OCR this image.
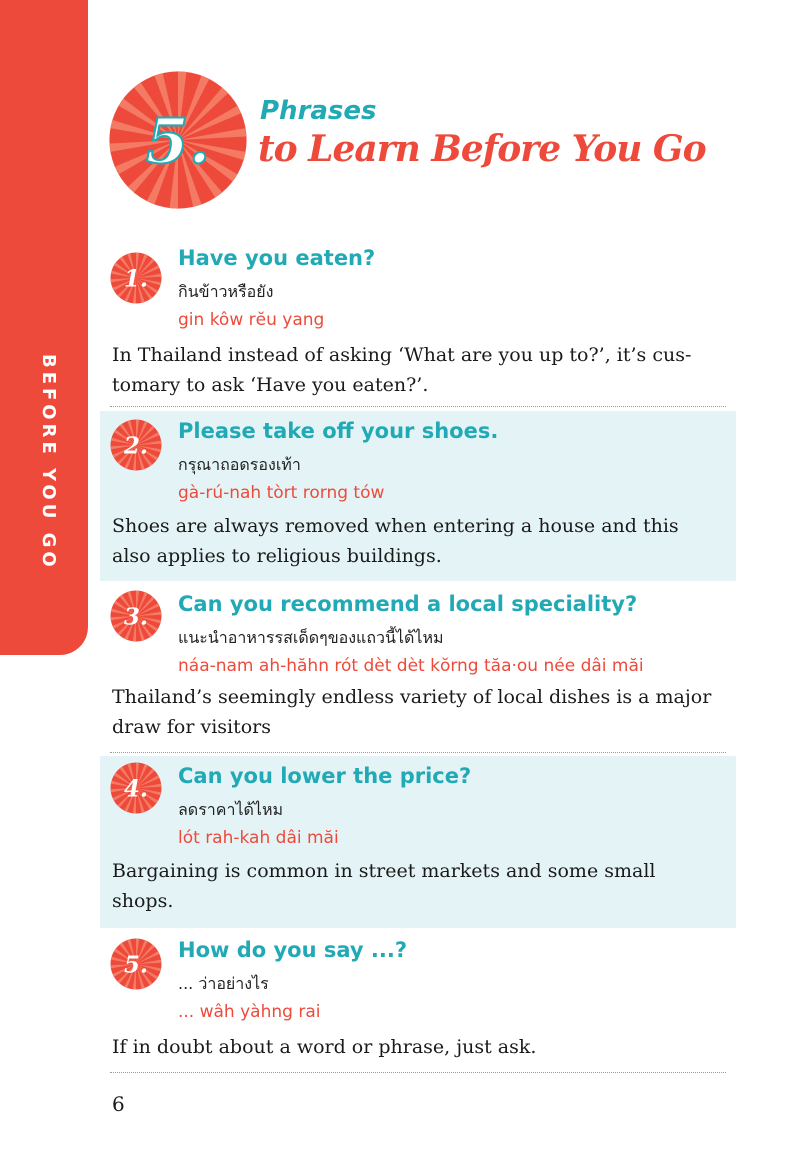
BEFORE YOU GO
5. Phrases
to Learn Before You Go
1.
Have you eaten?
กินข้าวหรือยัง
gin kôw rĕu yang
In Thailand instead of asking ‘What are you up to?’, it’s customary to ask ‘Have you eaten?’.
2.
Please take off your shoes.
กรุณาถอดรองเท้า
gà-rú-nah tòrt rorng tów
Shoes are always removed when entering a house and this also applies to religious buildings.
3.
Can you recommend a local speciality?
แนะนำอาหารรสเด็ดๆของแถวนี้ได้ไหม
náa-nam ah-hăhn rót dèt dèt kŏrng tăa·ou née dâi măi
Thailand’s seemingly endless variety of local dishes is a major draw for visitors
4.
Can you lower the price?
ลดราคาได้ไหม
lót rah-kah dâi măi
Bargaining is common in street markets and some small shops.
5.
How do you say ...?
... ว่าอย่างไร
... wâh yàhng rai
If in doubt about a word or phrase, just ask.
6
